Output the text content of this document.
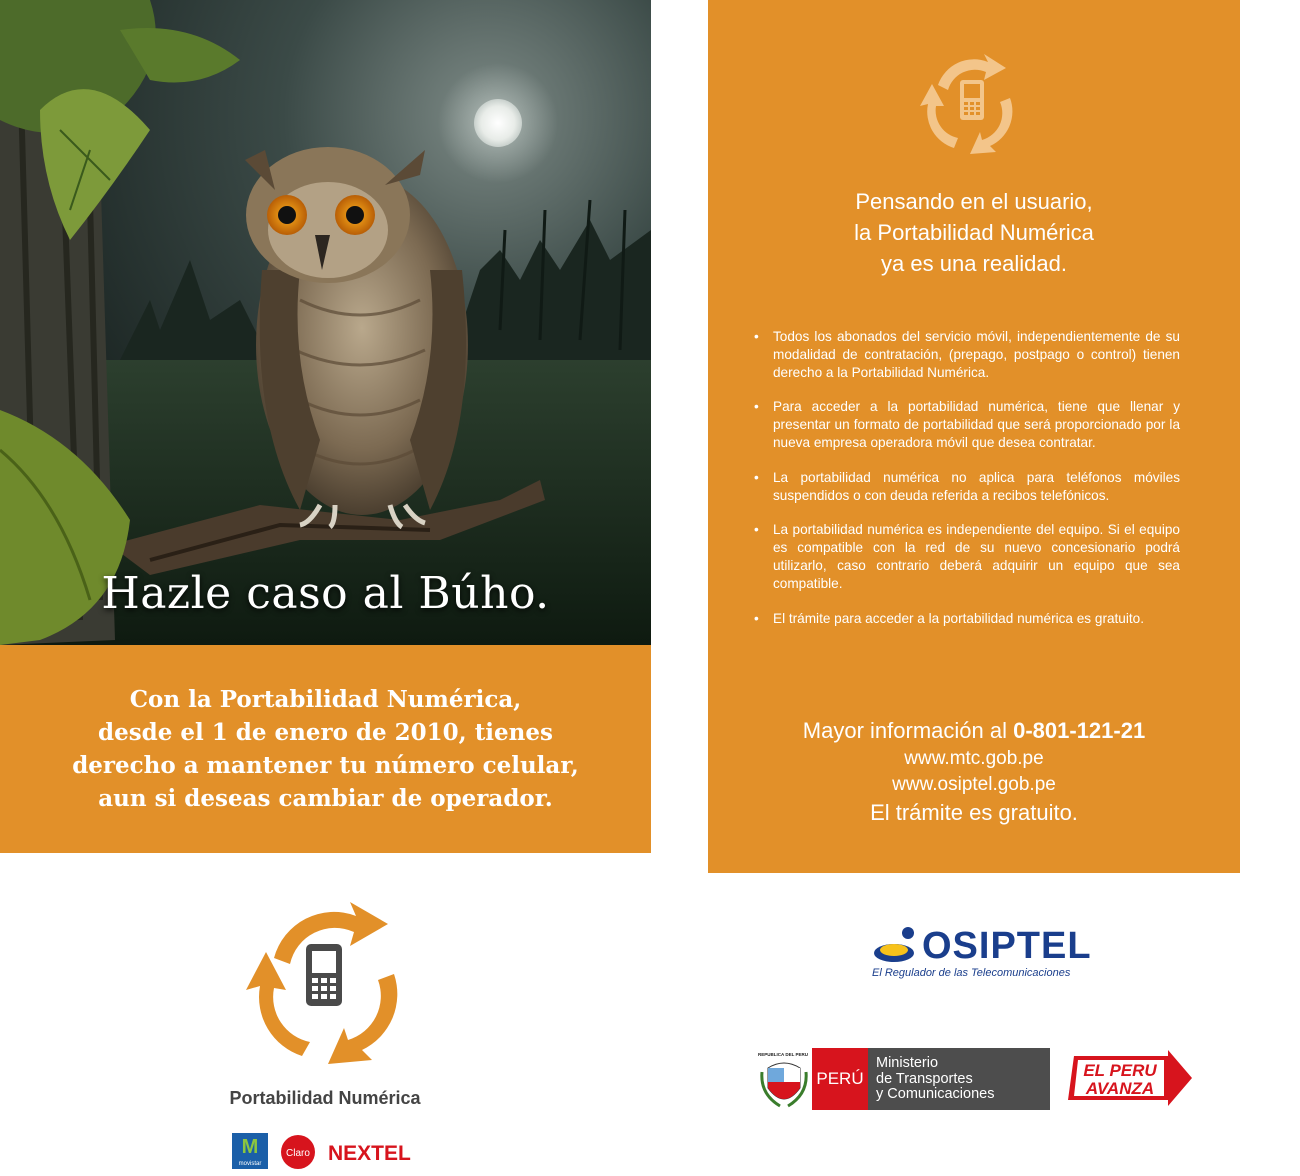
Hazle caso al Búho.
Con la Portabilidad Numérica,
desde el 1 de enero de 2010, tienes
derecho a mantener tu número celular,
aun si deseas cambiar de operador.
Pensando en el usuario,
la Portabilidad Numérica
ya es una realidad.
• Todos los abonados del servicio móvil, independientemente de su modalidad de contratación, (prepago, postpago o control) tienen derecho a la Portabilidad Numérica.
• Para acceder a la portabilidad numérica, tiene que llenar y presentar un formato de portabilidad que será proporcionado por la nueva empresa operadora móvil que desea contratar.
• La portabilidad numérica no aplica para teléfonos móviles suspendidos o con deuda referida a recibos telefónicos.
• La portabilidad numérica es independiente del equipo. Si el equipo es compatible con la red de su nuevo concesionario podrá utilizarlo, caso contrario deberá adquirir un equipo que sea compatible.
• El trámite para acceder a la portabilidad numérica es gratuito.
Mayor información al 0-801-121-21
www.mtc.gob.pe
www.osiptel.gob.pe
El trámite es gratuito.
Portabilidad Numérica
M
movistar
Claro NEXTEL
OSIPTEL
El Regulador de las Telecomunicaciones
REPUBLICA DEL PERU
PERÚ
Ministerio
de Transportes
y Comunicaciones
EL PERU
AVANZA
